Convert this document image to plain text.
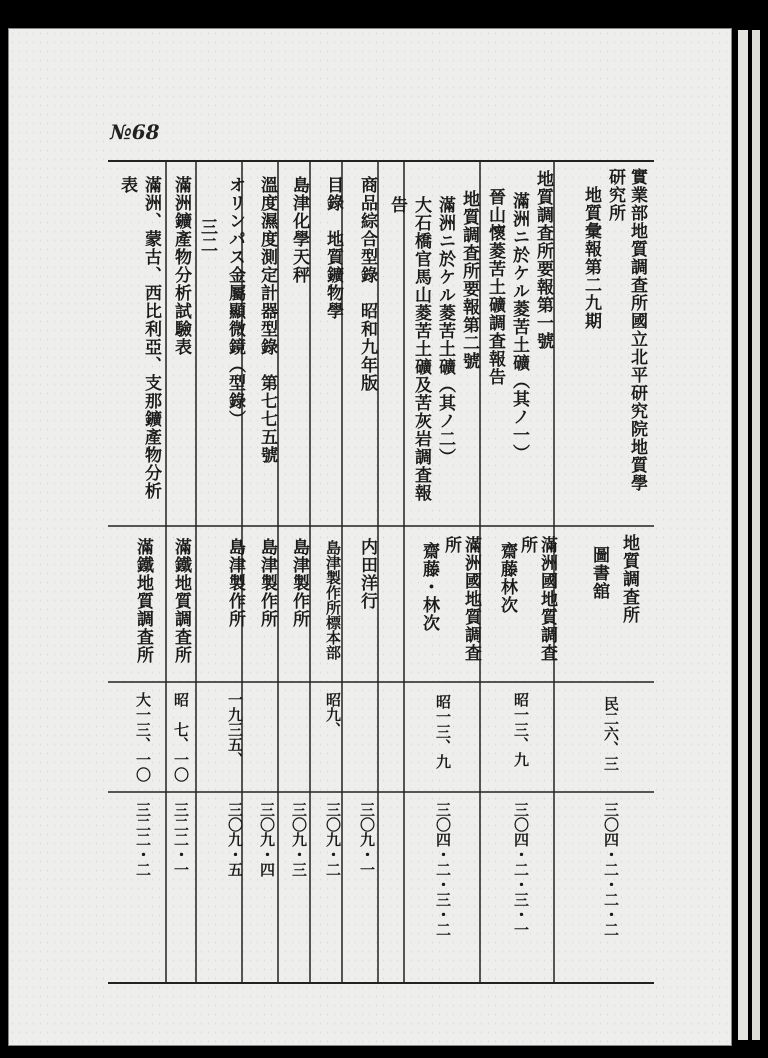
№68
實業部地質調査所國立北平研究院地質學
研究所
地質彙報第二九期
地質調査所
圖書舘
民二六、三
三〇四・二・二・二
地質調査所要報第一號
滿洲ニ於ケル菱苦土礦（其ノ一）
晉山懷菱苦土礦調査報告
滿洲國地質調査
所
齋藤林次
昭一三、九
三〇四・二・三・一
地質調査所要報第二號
滿洲ニ於ケル菱苦土礦（其ノ二）
大石橋官馬山菱苦土礦及苦灰岩調査報
告
滿洲國地質調査
所
齋藤・林次
昭一三、九
三〇四・二・三・二
商品綜合型錄　昭和九年版
内田洋行
三〇九・一
目錄　地質鑛物學
島津製作所標本部
昭九、
三〇九・二
島津化學天秤
島津製作所
三〇九・三
溫度濕度測定計器型錄　第七七五號
島津製作所
三〇九・四
オリンパス金屬顯微鏡（型錄）
島津製作所
一九三五、
三〇九・五
三二
滿洲鑛產物分析試驗表
滿鐵地質調査所
昭　七、一〇
三二二・一
滿洲、蒙古、西比利亞、支那鑛產物分析
表
滿鐵地質調査所
大一三、一〇
三二二・二
